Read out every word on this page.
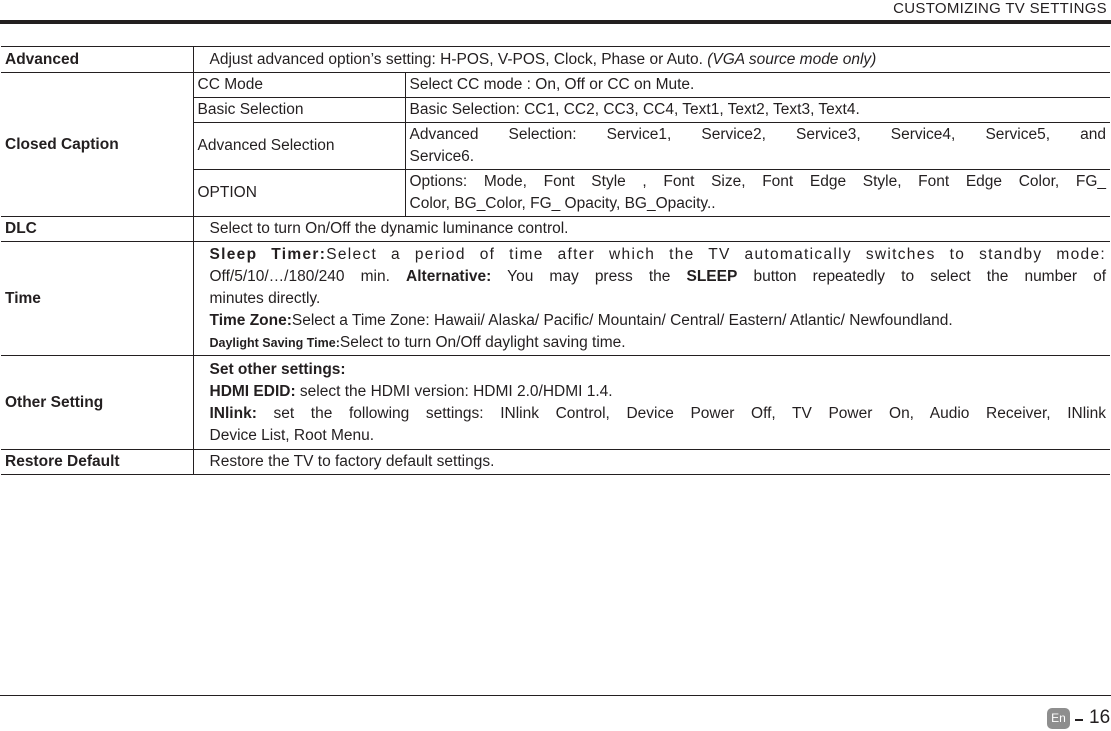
CUSTOMIZING TV SETTINGS
Advanced	Adjust advanced option’s setting: H-POS, V-POS, Clock, Phase or Auto. (VGA source mode only)	
Closed Caption	CC Mode	Select CC mode : On, Off or CC on Mute.
	Basic Selection	Basic Selection: CC1, CC2, CC3, CC4, Text1, Text2, Text3, Text4.
	Advanced Selection	Advanced Selection: Service1, Service2, Service3, Service4, Service5, and
Service6.

	OPTION	Options: Mode, Font Style , Font Size, Font Edge Style, Font Edge Color, FG_
Color, BG_Color, FG_ Opacity, BG_Opacity..

DLC	Select to turn On/Off the dynamic luminance control.	
Time	Sleep Timer:Select a period of time after which the TV automatically switches to standby mode:
Off/5/10/…/180/240 min. Alternative: You may press the SLEEP button repeatedly to select the number of
minutes directly.
Time Zone:Select a Time Zone: Hawaii/ Alaska/ Pacific/ Mountain/ Central/ Eastern/ Atlantic/ Newfoundland.
Daylight Saving Time:Select to turn On/Off daylight saving time.	

Other Setting	Set other settings:
HDMI EDID: select the HDMI version: HDMI 2.0/HDMI 1.4.
INlink: set the following settings: INlink Control, Device Power Off, TV Power On, Audio Receiver, INlink
Device List, Root Menu.	

Restore Default	Restore the TV to factory default settings.	
En 16
